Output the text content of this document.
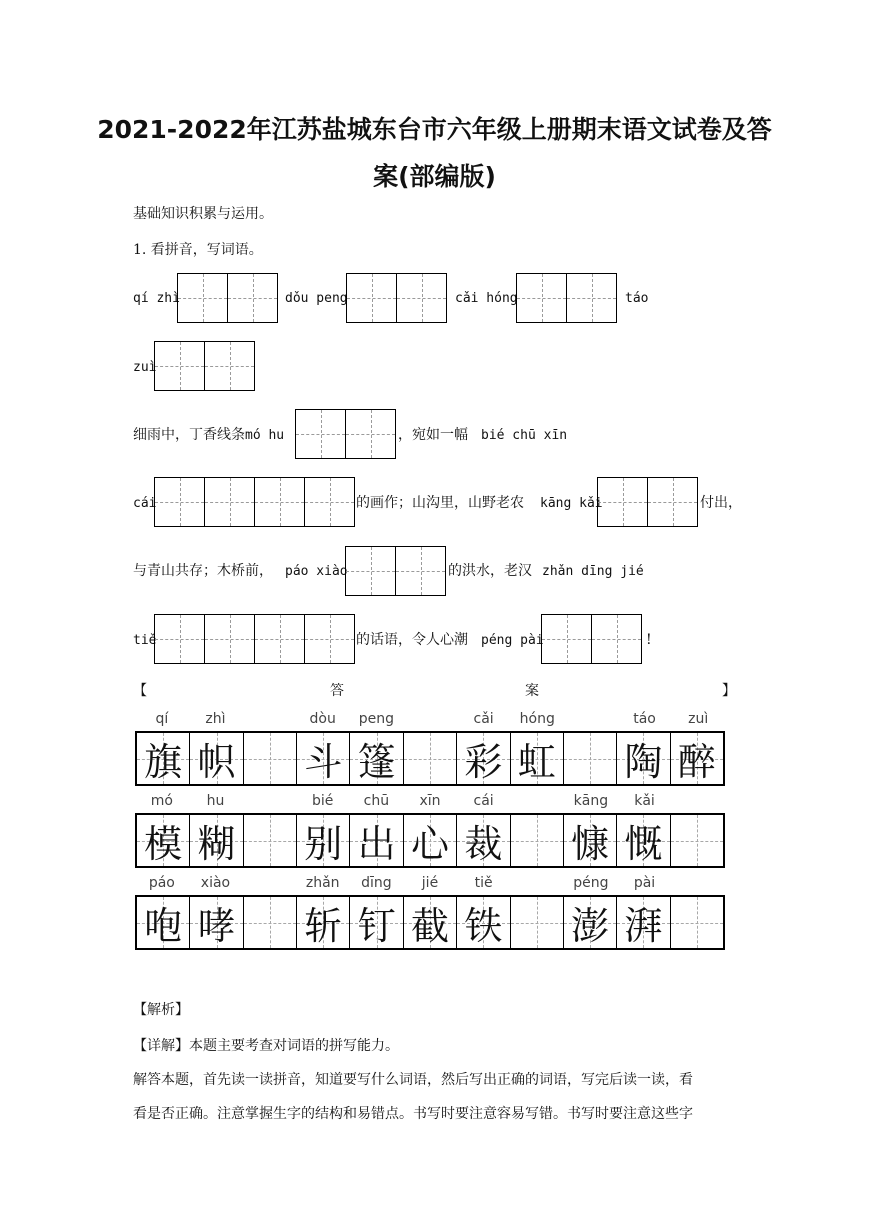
2021-2022年江苏盐城东台市六年级上册期末语文试卷及答
案(部编版)
基础知识积累与运用。
1. 看拼音，写词语。
qí zhì	dǒu peng	cǎi hóng	táo
zuì
细雨中，丁香线条 mó hu	，宛如一幅 bié chū xīn
cái	的画作；山沟里，山野老农 kāng kǎi	付出，
与青山共存；木桥前， páo xiào	的洪水，老汉 zhǎn dīng jié
tiě	的话语，令人心潮 péng pài	!
【	答	案	】
qí	zhì	dòu	peng	cǎi	hóng	táo	zuì
旗 帜 斗 篷 彩 虹 陶 醉
mó	hu	bié	chū	xīn	cái	kāng	kǎi
模 糊 别 出 心 裁 慷 慨
páo	xiào	zhǎn	dīng	jié	tiě	péng	pài
咆 哮 斩 钉 截 铁 澎 湃
【解析】
【详解】本题主要考查对词语的拼写能力。
解答本题，首先读一读拼音，知道要写什么词语，然后写出正确的词语，写完后读一读，看
看是否正确。注意掌握生字的结构和易错点。书写时要注意容易写错。书写时要注意这些字
